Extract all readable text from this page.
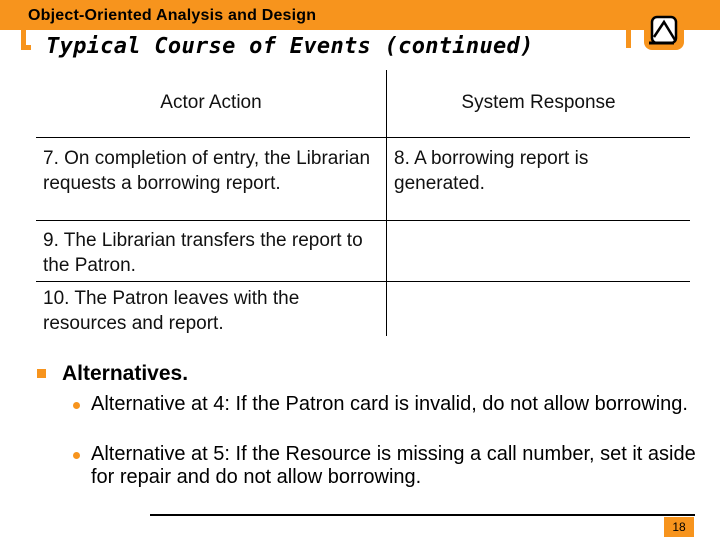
Object-Oriented Analysis and Design
Typical Course of Events (continued)
Actor Action	System Response
7. On completion of entry, the Librarian requests a borrowing report.
8. A borrowing report is generated.
9. The Librarian transfers the report to the Patron.
10. The Patron leaves with the resources and report.
Alternatives.
Alternative at 4: If the Patron card is invalid, do not allow borrowing.
Alternative at 5: If the Resource is missing a call number, set it aside for repair and do not allow borrowing.
18
